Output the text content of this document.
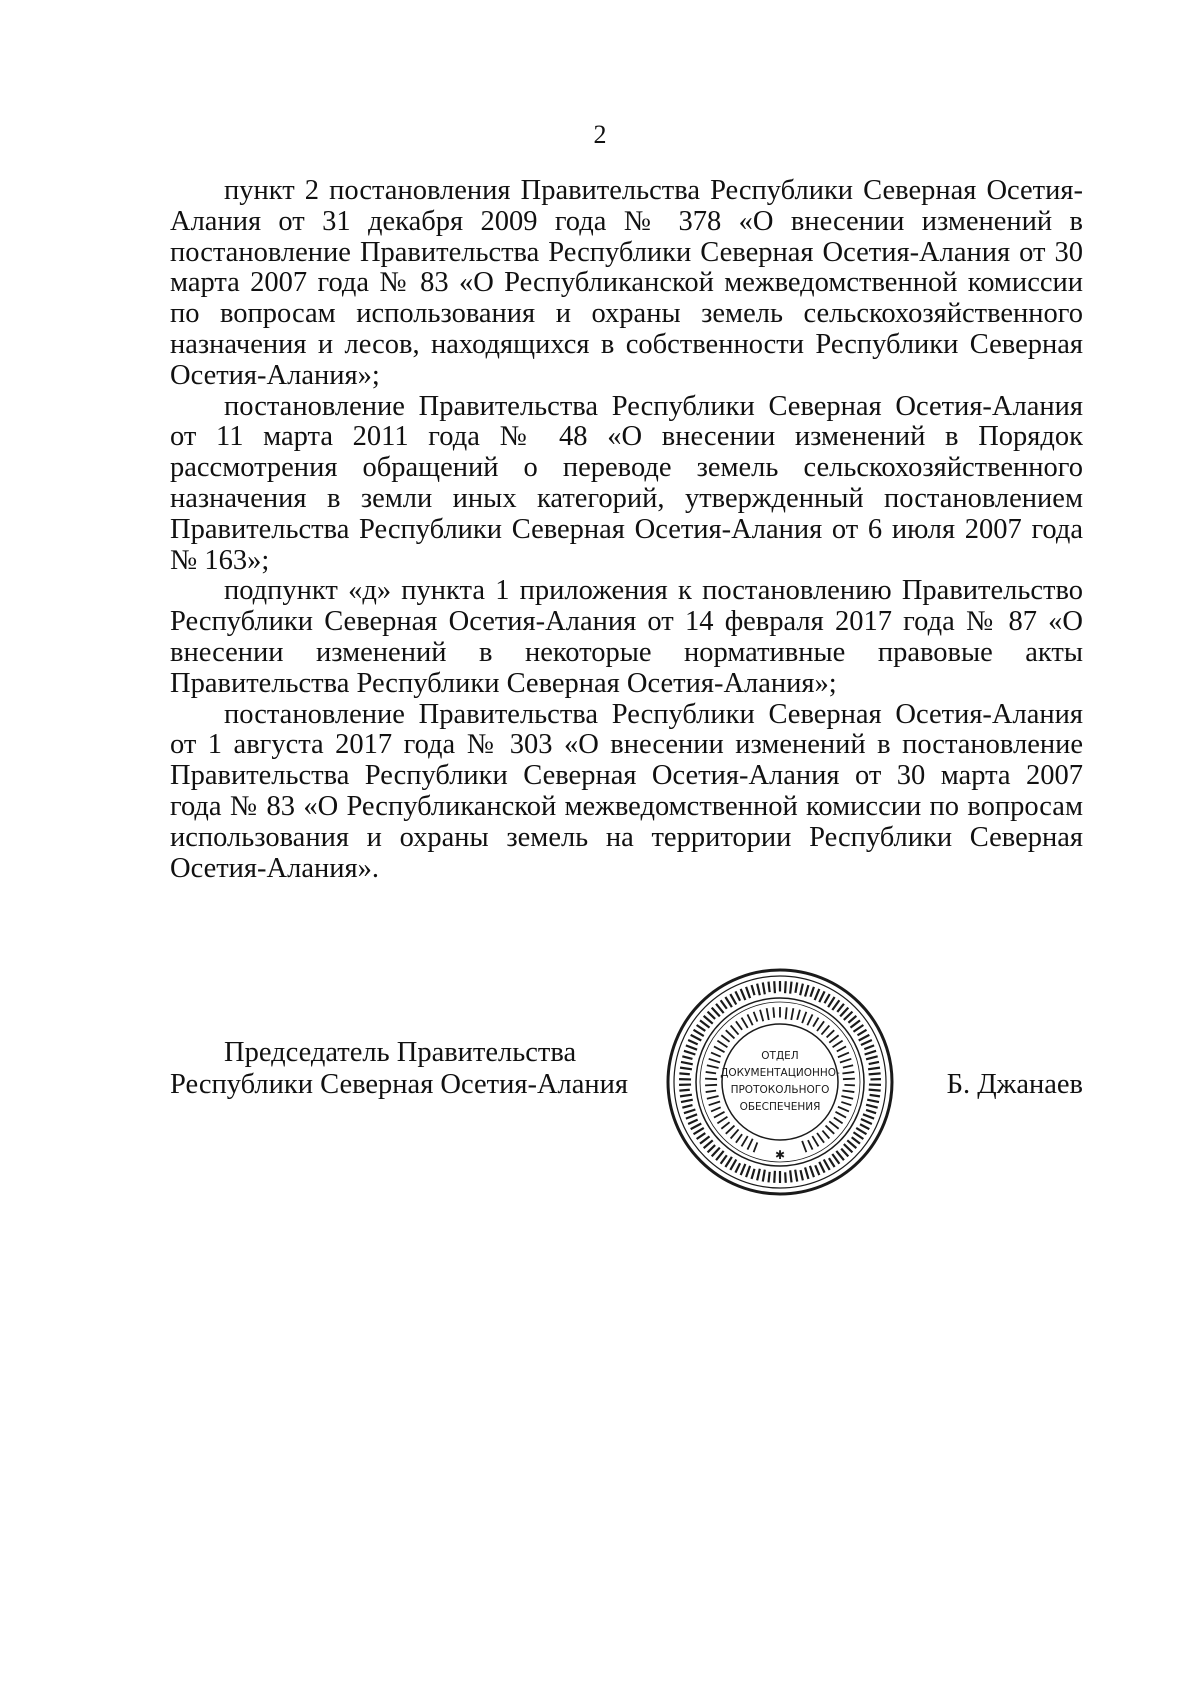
2

пункт 2 постановления Правительства Республики Северная Осетия-Алания от 31 декабря 2009 года № 378 «О внесении изменений в постановление Правительства Республики Северная Осетия-Алания от 30 марта 2007 года № 83 «О Республиканской межведомственной комиссии по вопросам использования и охраны земель сельскохозяйственного назначения и лесов, находящихся в собственности Республики Северная Осетия-Алания»;

постановление Правительства Республики Северная Осетия-Алания от 11 марта 2011 года № 48 «О внесении изменений в Порядок рассмотрения обращений о переводе земель сельскохозяйственного назначения в земли иных категорий, утвержденный постановлением Правительства Республики Северная Осетия-Алания от 6 июля 2007 года № 163»;

подпункт «д» пункта 1 приложения к постановлению Правительство Республики Северная Осетия-Алания от 14 февраля 2017 года № 87 «О внесении изменений в некоторые нормативные правовые акты Правительства Республики Северная Осетия-Алания»;

постановление Правительства Республики Северная Осетия-Алания от 1 августа 2017 года № 303 «О внесении изменений в постановление Правительства Республики Северная Осетия-Алания от 30 марта 2007 года № 83 «О Республиканской межведомственной комиссии по вопросам использования и охраны земель на территории Республики Северная Осетия-Алания».

Председатель Правительства
Республики Северная Осетия-Алания	Б. Джанаев
ОТДЕЛ
ДОКУМЕНТАЦИОННО-
ПРОТОКОЛЬНОГО
ОБЕСПЕЧЕНИЯ
✱
